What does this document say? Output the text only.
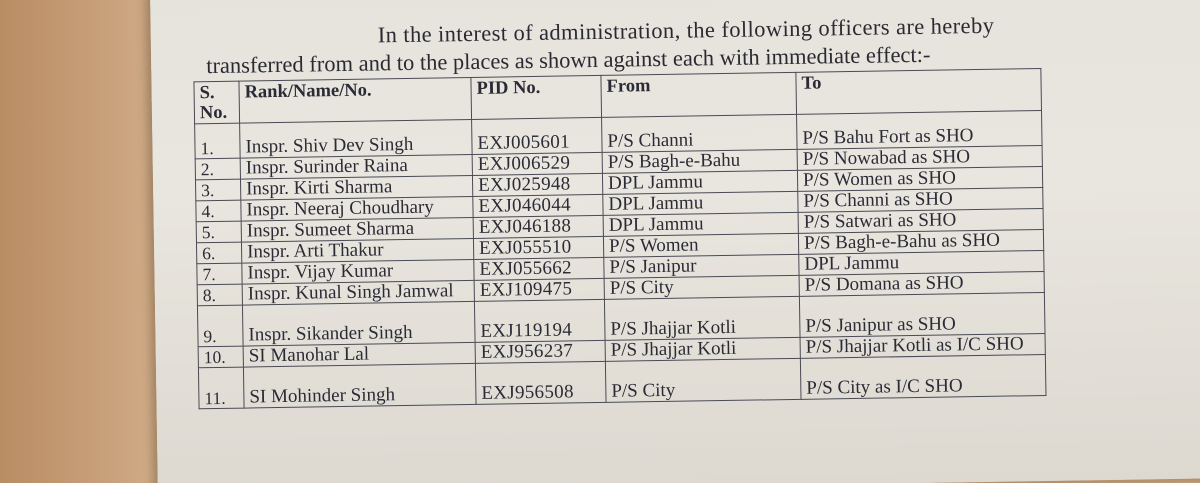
In the interest of administration, the following officers are hereby
transferred from and to the places as shown against each with immediate effect:-
S. No.	Rank/Name/No.	PID No.	From	To
1.	Inspr. Shiv Dev Singh	EXJ005601	P/S Channi	P/S Bahu Fort as SHO
2.	Inspr. Surinder Raina	EXJ006529	P/S Bagh-e-Bahu	P/S Nowabad as SHO
3.	Inspr. Kirti Sharma	EXJ025948	DPL Jammu	P/S Women as SHO
4.	Inspr. Neeraj Choudhary	EXJ046044	DPL Jammu	P/S Channi as SHO
5.	Inspr. Sumeet Sharma	EXJ046188	DPL Jammu	P/S Satwari as SHO
6.	Inspr. Arti Thakur	EXJ055510	P/S Women	P/S Bagh-e-Bahu as SHO
7.	Inspr. Vijay Kumar	EXJ055662	P/S Janipur	DPL Jammu
8.	Inspr. Kunal Singh Jamwal	EXJ109475	P/S City	P/S Domana as SHO
9.	Inspr. Sikander Singh	EXJ119194	P/S Jhajjar Kotli	P/S Janipur as SHO
10.	SI Manohar Lal	EXJ956237	P/S Jhajjar Kotli	P/S Jhajjar Kotli as I/C SHO
11.	SI Mohinder Singh	EXJ956508	P/S City	P/S City as I/C SHO
